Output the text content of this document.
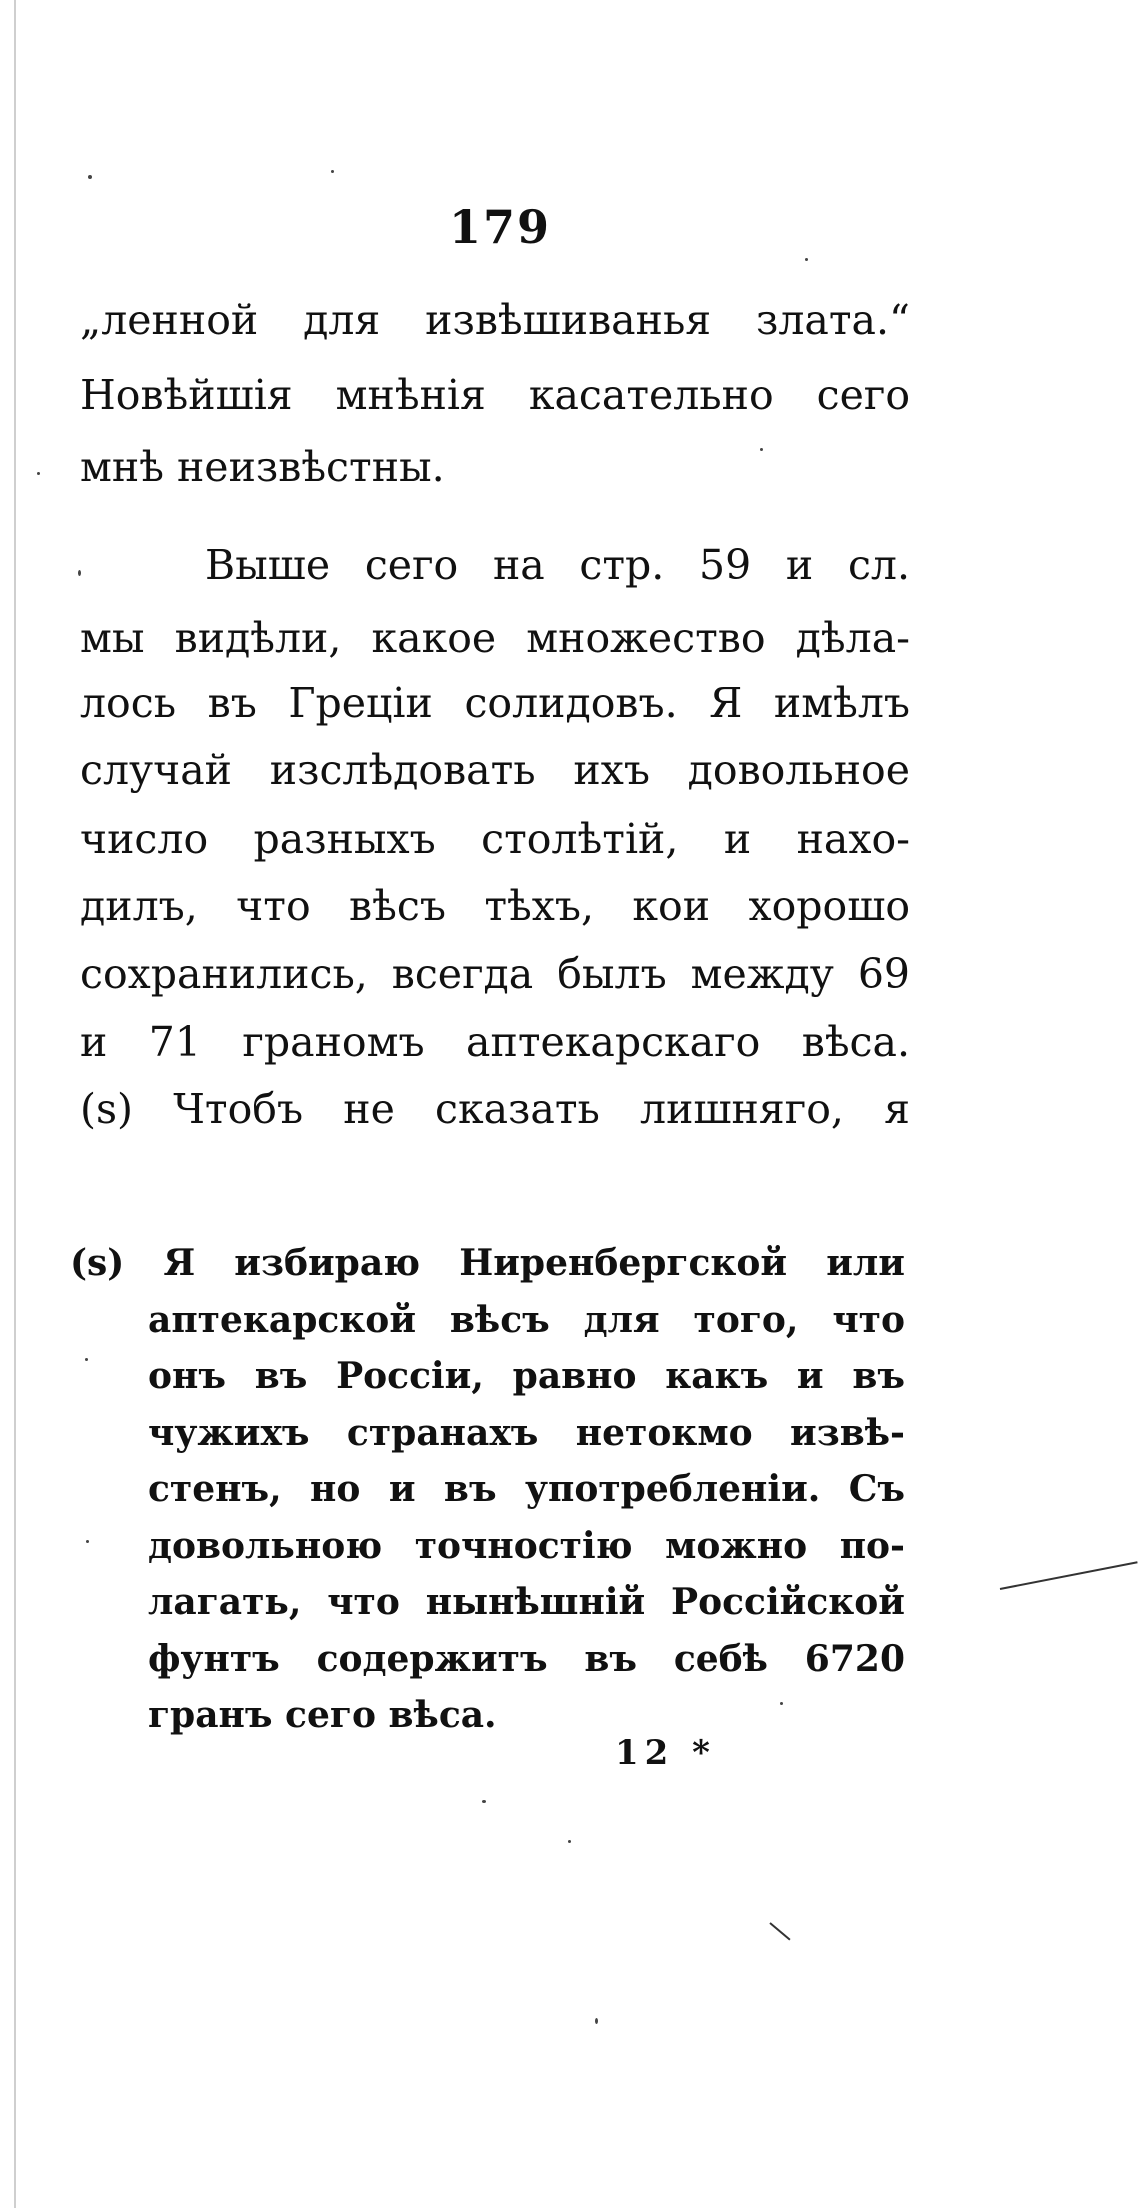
179
„ленной для извѣшиванья злата.“
Новѣйшія мнѣнія касательно сего
мнѣ неизвѣстны.
Выше сего на стр. 59 и сл.
мы видѣли, какое множество дѣла-
лось въ Греціи солидовъ. Я имѣлъ
случай изслѣдовать ихъ довольное
число разныхъ столѣтій, и нахо-
дилъ, что вѣсъ тѣхъ, кои хорошо
сохранились, всегда былъ между 69
и 71 граномъ аптекарскаго вѣса.
(s) Чтобъ не сказать лишняго, я
(s) Я избираю Ниренбергской или
аптекарской вѣсъ для того, что
онъ въ Россіи, равно какъ и въ
чужихъ странахъ нетокмо извѣ-
стенъ, но и въ употребленіи. Съ
довольною точностію можно по-
лагать, что нынѣшній Россійской
фунтъ содержитъ въ себѣ 6720
гранъ сего вѣса.
12 *
